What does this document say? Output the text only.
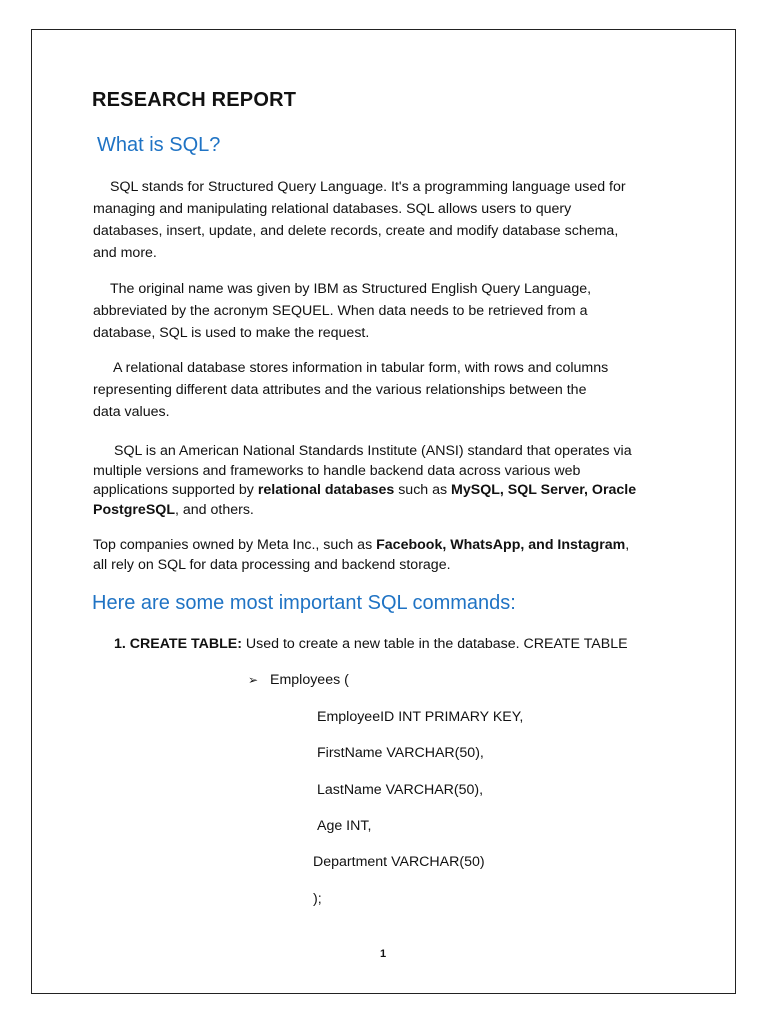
RESEARCH REPORT
What is SQL?
SQL stands for Structured Query Language. It's a programming language used for
managing and manipulating relational databases. SQL allows users to query
databases, insert, update, and delete records, create and modify database schema,
and more.
The original name was given by IBM as Structured English Query Language,
abbreviated by the acronym SEQUEL. When data needs to be retrieved from a
database, SQL is used to make the request.
A relational database stores information in tabular form, with rows and columns
representing different data attributes and the various relationships between the
data values.
SQL is an American National Standards Institute (ANSI) standard that operates via
multiple versions and frameworks to handle backend data across various web
applications supported by relational databases such as MySQL, SQL Server, Oracle
PostgreSQL, and others.
Top companies owned by Meta Inc., such as Facebook, WhatsApp, and Instagram,
all rely on SQL for data processing and backend storage.
Here are some most important SQL commands:
1. CREATE TABLE: Used to create a new table in the database. CREATE TABLE
➢ Employees (
EmployeeID INT PRIMARY KEY,
FirstName VARCHAR(50),
LastName VARCHAR(50),
Age INT,
Department VARCHAR(50)
);
1
